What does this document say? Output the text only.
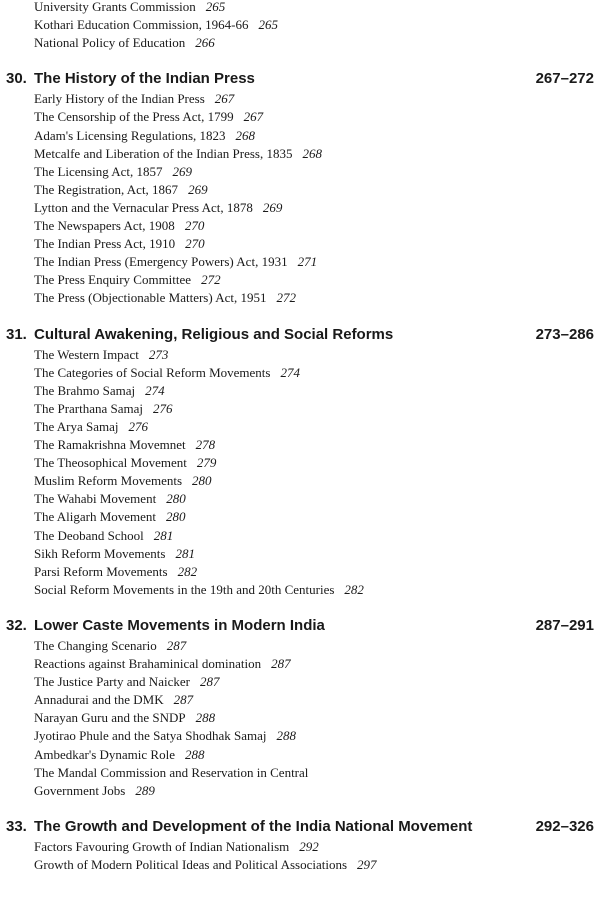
University Grants Commission 265
Kothari Education Commission, 1964-66 265
National Policy of Education 266
30. The History of the Indian Press	267–272
Early History of the Indian Press 267
The Censorship of the Press Act, 1799 267
Adam's Licensing Regulations, 1823 268
Metcalfe and Liberation of the Indian Press, 1835 268
The Licensing Act, 1857 269
The Registration, Act, 1867 269
Lytton and the Vernacular Press Act, 1878 269
The Newspapers Act, 1908 270
The Indian Press Act, 1910 270
The Indian Press (Emergency Powers) Act, 1931 271
The Press Enquiry Committee 272
The Press (Objectionable Matters) Act, 1951 272
31. Cultural Awakening, Religious and Social Reforms	273–286
The Western Impact 273
The Categories of Social Reform Movements 274
The Brahmo Samaj 274
The Prarthana Samaj 276
The Arya Samaj 276
The Ramakrishna Movemnet 278
The Theosophical Movement 279
Muslim Reform Movements 280
The Wahabi Movement 280
The Aligarh Movement 280
The Deoband School 281
Sikh Reform Movements 281
Parsi Reform Movements 282
Social Reform Movements in the 19th and 20th Centuries 282
32. Lower Caste Movements in Modern India	287–291
The Changing Scenario 287
Reactions against Brahaminical domination 287
The Justice Party and Naicker 287
Annadurai and the DMK 287
Narayan Guru and the SNDP 288
Jyotirao Phule and the Satya Shodhak Samaj 288
Ambedkar's Dynamic Role 288
The Mandal Commission and Reservation in Central
Government Jobs 289
33. The Growth and Development of the India National Movement	292–326
Factors Favouring Growth of Indian Nationalism 292
Growth of Modern Political Ideas and Political Associations 297
